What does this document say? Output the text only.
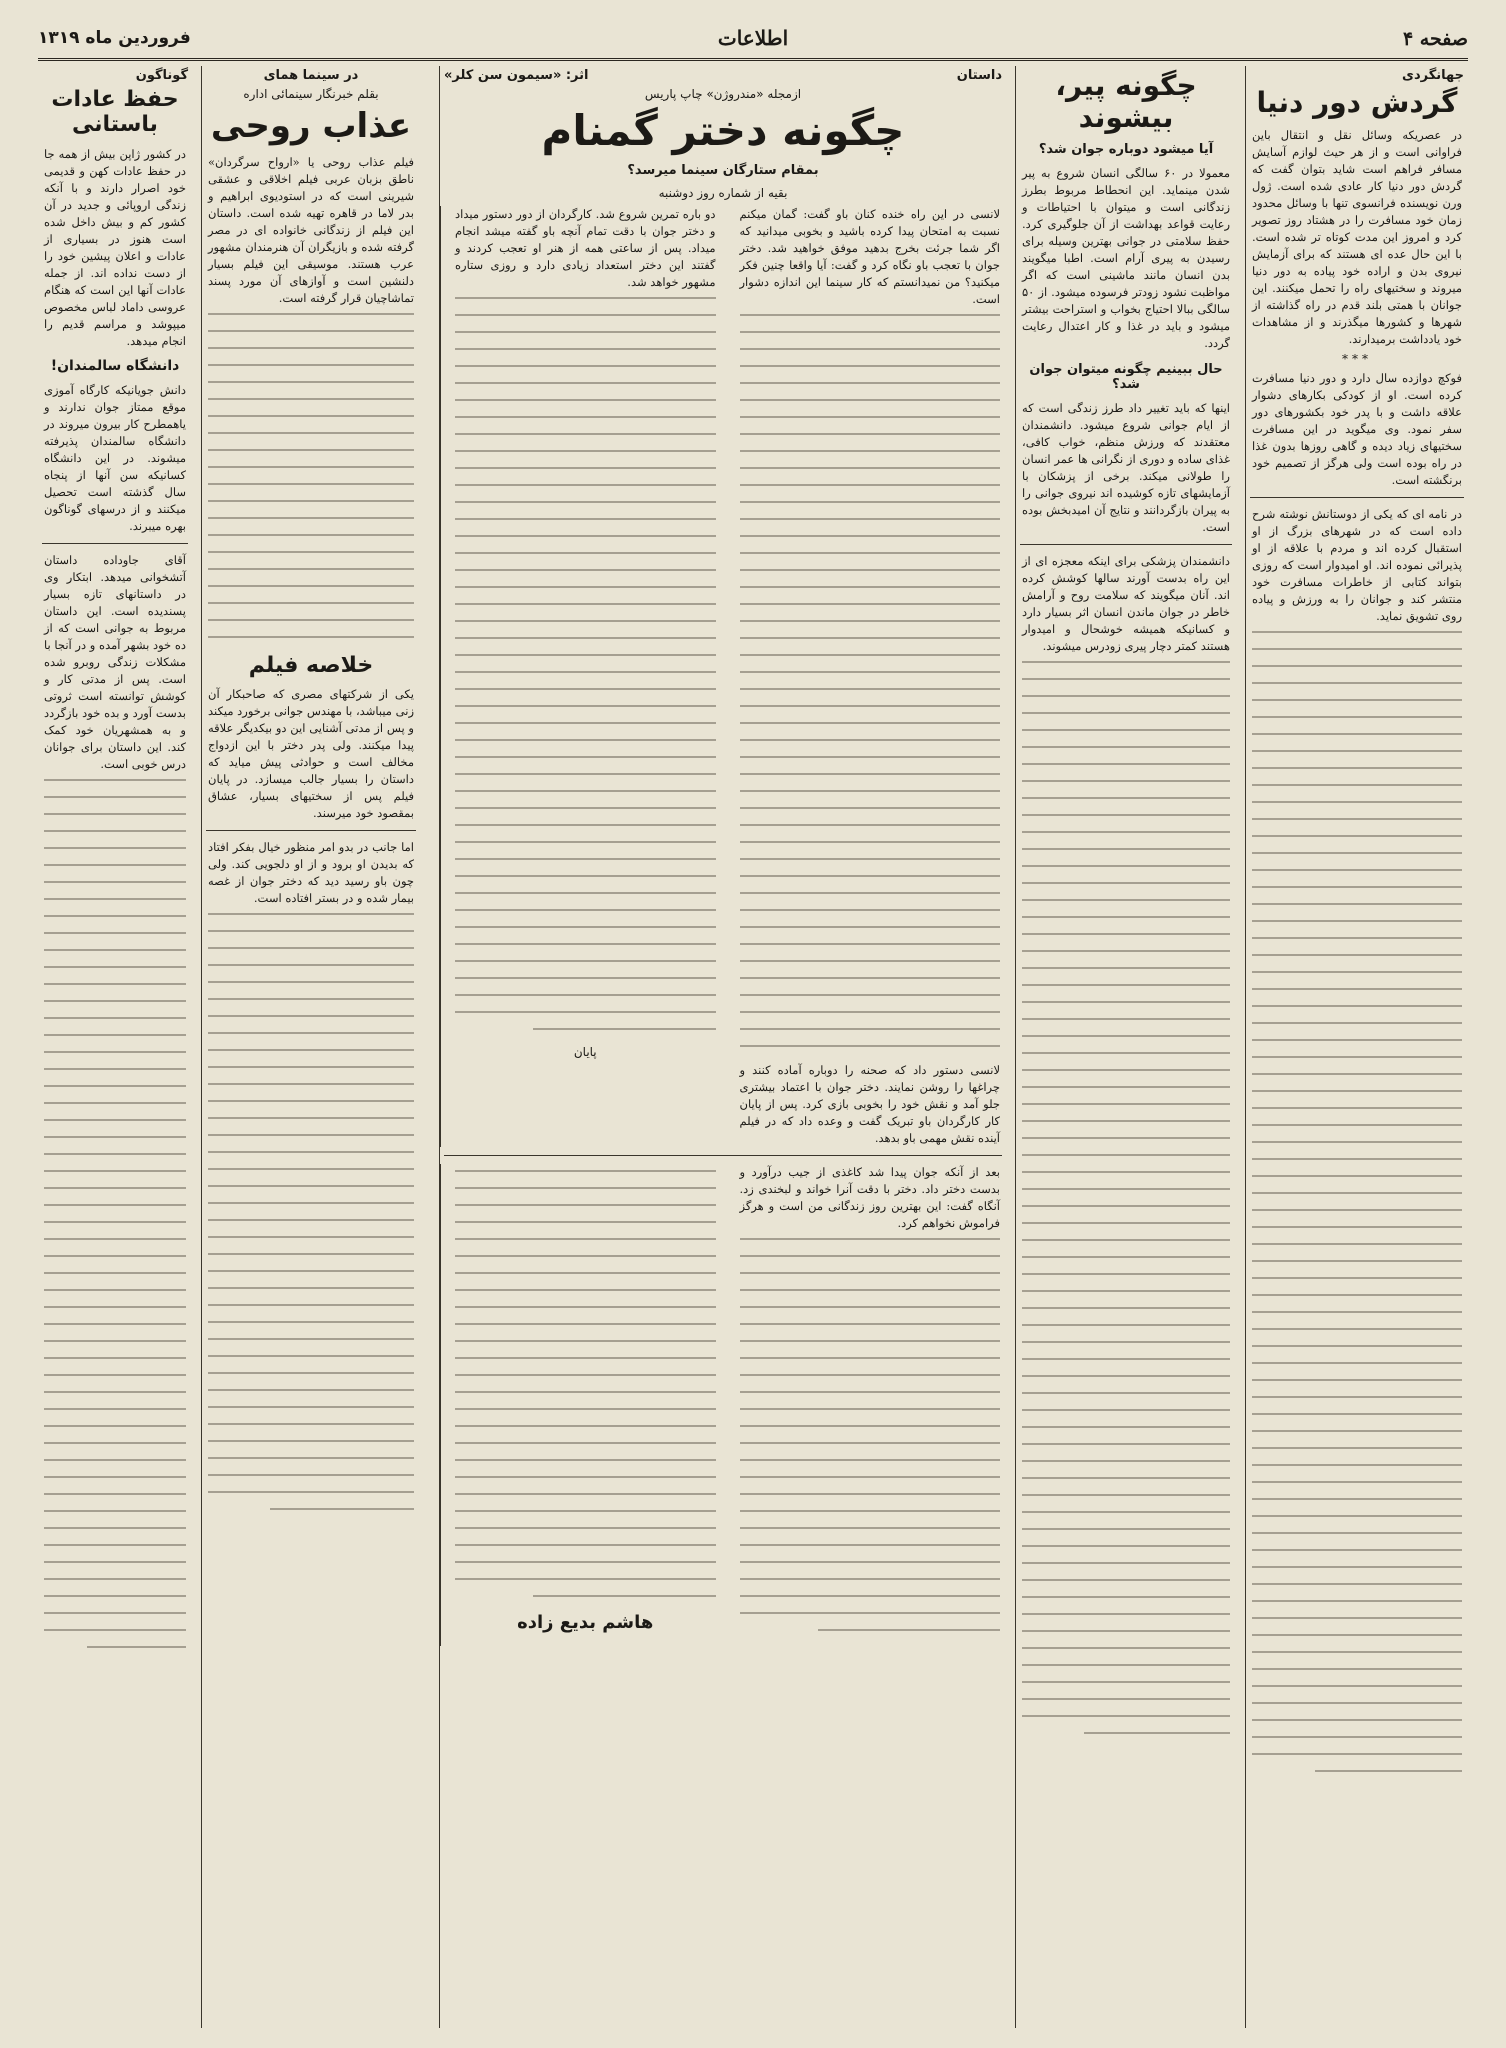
صفحه ۴
اطلاعات
فروردین ماه ۱۳۱۹
جهانگردی
گردش دور دنیا
در عصریکه وسائل نقل و انتقال باین فراوانی است و از هر حیث لوازم آسایش مسافر فراهم است شاید بتوان گفت که گردش دور دنیا کار عادی شده است. ژول ورن نویسنده فرانسوی تنها با وسائل محدود زمان خود مسافرت را در هشتاد روز تصویر کرد و امروز این مدت کوتاه تر شده است. با این حال عده ای هستند که برای آزمایش نیروی بدن و اراده خود پیاده به دور دنیا میروند و سختیهای راه را تحمل میکنند. این جوانان با همتی بلند قدم در راه گذاشته از شهرها و کشورها میگذرند و از مشاهدات خود یادداشت برمیدارند.
***
فوکچ دوازده سال دارد و دور دنیا مسافرت کرده است. او از کودکی بکارهای دشوار علاقه داشت و با پدر خود بکشورهای دور سفر نمود. وی میگوید در این مسافرت سختیهای زیاد دیده و گاهی روزها بدون غذا در راه بوده است ولی هرگز از تصمیم خود برنگشته است.
در نامه ای که یکی از دوستانش نوشته شرح داده است که در شهرهای بزرگ از او استقبال کرده اند و مردم با علاقه از او پذیرائی نموده اند. او امیدوار است که روزی بتواند کتابی از خاطرات مسافرت خود منتشر کند و جوانان را به ورزش و پیاده روی تشویق نماید.
چگونه پیر، بیشوند
آیا میشود دوباره جوان شد؟
معمولا در ۶۰ سالگی انسان شروع به پیر شدن مینماید. این انحطاط مربوط بطرز زندگانی است و میتوان با احتیاطات و رعایت قواعد بهداشت از آن جلوگیری کرد. حفظ سلامتی در جوانی بهترین وسیله برای رسیدن به پیری آرام است. اطبا میگویند بدن انسان مانند ماشینی است که اگر مواظبت نشود زودتر فرسوده میشود. از ۵۰ سالگی ببالا احتیاج بخواب و استراحت بیشتر میشود و باید در غذا و کار اعتدال رعایت گردد.
حال ببینیم چگونه میتوان جوان شد؟
اینها که باید تغییر داد طرز زندگی است که از ایام جوانی شروع میشود. دانشمندان معتقدند که ورزش منظم، خواب کافی، غذای ساده و دوری از نگرانی ها عمر انسان را طولانی میکند. برخی از پزشکان با آزمایشهای تازه کوشیده اند نیروی جوانی را به پیران بازگردانند و نتایج آن امیدبخش بوده است.
دانشمندان پزشکی برای اینکه معجزه ای از این راه بدست آورند سالها کوشش کرده اند. آنان میگویند که سلامت روح و آرامش خاطر در جوان ماندن انسان اثر بسیار دارد و کسانیکه همیشه خوشحال و امیدوار هستند کمتر دچار پیری زودرس میشوند.
داستان
اثر: «سیمون سن کلر»
ازمجله «مندروژن» چاپ پاریس
چگونه دختر گمنام
بمقام ستارگان سینما میرسد؟
بقیه از شماره روز دوشنبه
لانسی در این راه خنده کنان باو گفت: گمان میکنم نسبت به امتحان پیدا کرده باشید و بخوبی میدانید که اگر شما جرئت بخرج بدهید موفق خواهید شد. دختر جوان با تعجب باو نگاه کرد و گفت: آیا واقعا چنین فکر میکنید؟ من نمیدانستم که کار سینما این اندازه دشوار است.
لانسی دستور داد که صحنه را دوباره آماده کنند و چراغها را روشن نمایند. دختر جوان با اعتماد بیشتری جلو آمد و نقش خود را بخوبی بازی کرد. پس از پایان کار کارگردان باو تبریک گفت و وعده داد که در فیلم آینده نقش مهمی باو بدهد.
دو باره تمرین شروع شد. کارگردان از دور دستور میداد و دختر جوان با دقت تمام آنچه باو گفته میشد انجام میداد. پس از ساعتی همه از هنر او تعجب کردند و گفتند این دختر استعداد زیادی دارد و روزی ستاره مشهور خواهد شد.
پایان
بعد از آنکه جوان پیدا شد کاغذی از جیب درآورد و بدست دختر داد. دختر با دقت آنرا خواند و لبخندی زد. آنگاه گفت: این بهترین روز زندگانی من است و هرگز فراموش نخواهم کرد.
هاشم بدیع زاده
در سینما همای
بقلم خبرنگار سینمائی اداره
عذاب روحی
فیلم عذاب روحی یا «ارواح سرگردان» ناطق بزبان عربی فیلم اخلاقی و عشقی شیرینی است که در استودیوی ابراهیم و بدر لاما در قاهره تهیه شده است. داستان این فیلم از زندگانی خانواده ای در مصر گرفته شده و بازیگران آن هنرمندان مشهور عرب هستند. موسیقی این فیلم بسیار دلنشین است و آوازهای آن مورد پسند تماشاچیان قرار گرفته است.
خلاصه فیلم
یکی از شرکتهای مصری که صاحبکار آن زنی میباشد، با مهندس جوانی برخورد میکند و پس از مدتی آشنایی این دو بیکدیگر علاقه پیدا میکنند. ولی پدر دختر با این ازدواج مخالف است و حوادثی پیش میاید که داستان را بسیار جالب میسازد. در پایان فیلم پس از سختیهای بسیار، عشاق بمقصود خود میرسند.
اما جانب در بدو امر منظور خیال بفکر افتاد که بدیدن او برود و از او دلجویی کند. ولی چون باو رسید دید که دختر جوان از غصه بیمار شده و در بستر افتاده است.
گوناگون
حفظ عادات باستانی
در کشور ژاپن بیش از همه جا در حفظ عادات کهن و قدیمی خود اصرار دارند و با آنکه زندگی اروپائی و جدید در آن کشور کم و بیش داخل شده است هنوز در بسیاری از عادات و اعلان پیشین خود را از دست نداده اند. از جمله عادات آنها این است که هنگام عروسی داماد لباس مخصوص میپوشد و مراسم قدیم را انجام میدهد.
دانشگاه سالمندان!
دانش جویانیکه کارگاه آموزی موقع ممتاز جوان ندارند و یاهمطرح کار بیرون میروند در دانشگاه سالمندان پذیرفته میشوند. در این دانشگاه کسانیکه سن آنها از پنجاه سال گذشته است تحصیل میکنند و از درسهای گوناگون بهره میبرند.
آقای جاوداده داستان آتشخوانی میدهد. ابتکار وی در داستانهای تازه بسیار پسندیده است. این داستان مربوط به جوانی است که از ده خود بشهر آمده و در آنجا با مشکلات زندگی روبرو شده است. پس از مدتی کار و کوشش توانسته است ثروتی بدست آورد و بده خود بازگردد و به همشهریان خود کمک کند. این داستان برای جوانان درس خوبی است.
